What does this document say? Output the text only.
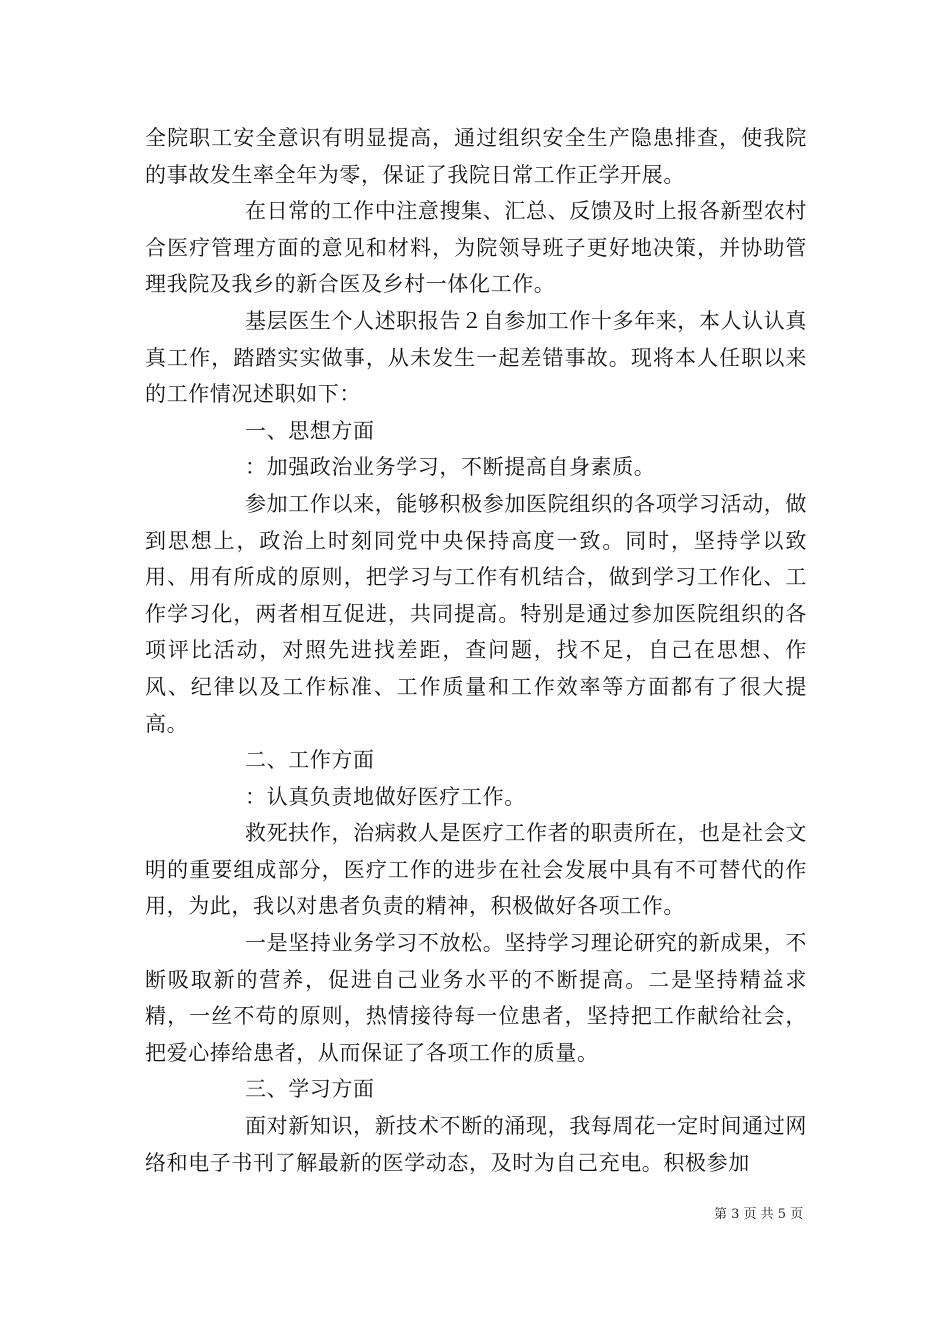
全院职工安全意识有明显提高，通过组织安全生产隐患排查，使我院的事故发生率全年为零，保证了我院日常工作正学开展。

在日常的工作中注意搜集、汇总、反馈及时上报各新型农村合医疗管理方面的意见和材料，为院领导班子更好地决策，并协助管理我院及我乡的新合医及乡村一体化工作。

基层医生个人述职报告２自参加工作十多年来，本人认认真真工作，踏踏实实做事，从未发生一起差错事故。现将本人任职以来的工作情况述职如下：

一、思想方面

：加强政治业务学习，不断提高自身素质。

参加工作以来，能够积极参加医院组织的各项学习活动，做到思想上，政治上时刻同党中央保持高度一致。同时，坚持学以致用、用有所成的原则，把学习与工作有机结合，做到学习工作化、工作学习化，两者相互促进，共同提高。特别是通过参加医院组织的各项评比活动，对照先进找差距，查问题，找不足，自己在思想、作风、纪律以及工作标准、工作质量和工作效率等方面都有了很大提高。

二、工作方面

：认真负责地做好医疗工作。

救死扶作，治病救人是医疗工作者的职责所在，也是社会文明的重要组成部分，医疗工作的进步在社会发展中具有不可替代的作用，为此，我以对患者负责的精神，积极做好各项工作。

一是坚持业务学习不放松。坚持学习理论研究的新成果，不断吸取新的营养，促进自己业务水平的不断提高。二是坚持精益求精，一丝不苟的原则，热情接待每一位患者，坚持把工作献给社会，把爱心捧给患者，从而保证了各项工作的质量。

三、学习方面

面对新知识，新技术不断的涌现，我每周花一定时间通过网络和电子书刊了解最新的医学动态，及时为自己充电。积极参加

第 3 页 共 5 页
